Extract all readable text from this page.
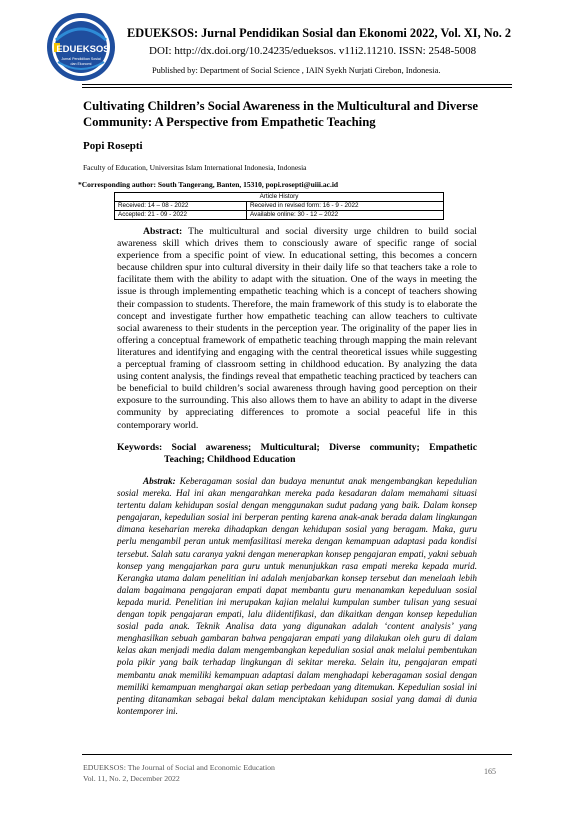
EDUEKSOS
Jurnal Pendidikan Sosial
dan Ekonomi
EDUEKSOS: Jurnal Pendidikan Sosial dan Ekonomi 2022, Vol. XI, No. 2
DOI: http://dx.doi.org/10.24235/edueksos. v11i2.11210. ISSN: 2548-5008
Published by: Department of Social Science , IAIN Syekh Nurjati Cirebon, Indonesia.
Cultivating Children’s Social Awareness in the Multicultural and Diverse Community: A Perspective from Empathetic Teaching
Popi Rosepti
Faculty of Education, Universitas Islam International Indonesia, Indonesia
*Corresponding author: South Tangerang, Banten, 15310, popi.rosepti@uiii.ac.id
Article History	
Received: 14 – 08 - 2022	Received in revised form: 16 - 9 - 2022
Accepted: 21 - 09 - 2022	Available online: 30 - 12 – 2022
Abstract: The multicultural and social diversity urge children to build social awareness skill which drives them to consciously aware of specific range of social experience from a specific point of view. In educational setting, this becomes a concern because children spur into cultural diversity in their daily life so that teachers take a role to facilitate them with the ability to adapt with the situation. One of the ways in meeting the issue is through implementing empathetic teaching which is a concept of teachers showing their compassion to students. Therefore, the main framework of this study is to elaborate the concept and investigate further how empathetic teaching can allow teachers to cultivate social awareness to their students in the perception year. The originality of the paper lies in offering a conceptual framework of empathetic teaching through mapping the main relevant literatures and identifying and engaging with the central theoretical issues while suggesting a perceptual framing of classroom setting in childhood education. By analyzing the data using content analysis, the findings reveal that empathetic teaching practiced by teachers can be beneficial to build children’s social awareness through having good perception on their exposure to the surrounding. This also allows them to have an ability to adapt in the diverse community by appreciating differences to promote a social peaceful life in this contemporary world.
Keywords: Social awareness; Multicultural; Diverse community; Empathetic
Teaching; Childhood Education
Abstrak: Keberagaman sosial dan budaya menuntut anak mengembangkan kepedulian sosial mereka. Hal ini akan mengarahkan mereka pada kesadaran dalam memahami situasi tertentu dalam kehidupan sosial dengan menggunakan sudut padang yang baik. Dalam konsep pengajaran, kepedulian sosial ini berperan penting karena anak-anak berada dalam lingkungan dimana keseharian mereka dihadapkan dengan kehidupan sosial yang beragam. Maka, guru perlu mengambil peran untuk memfasilitasi mereka dengan kemampuan adaptasi pada kondisi tersebut. Salah satu caranya yakni dengan menerapkan konsep pengajaran empati, yakni sebuah konsep yang mengajarkan para guru untuk menunjukkan rasa empati mereka kepada murid. Kerangka utama dalam penelitian ini adalah menjabarkan konsep tersebut dan menelaah lebih dalam bagaimana pengajaran empati dapat membantu guru menanamkan kepeduluan sosial kepada murid. Penelitian ini merupakan kajian melalui kumpulan sumber tulisan yang sesuai dengan topik pengajaran empati, lalu diidentifikasi, dan dikaitkan dengan konsep kepedulian sosial pada anak. Teknik Analisa data yang digunakan adalah ‘content analysis’ yang menghasilkan sebuah gambaran bahwa pengajaran empati yang dilakukan oleh guru di dalam kelas akan menjadi media dalam mengembangkan kepedulian sosial anak melalui pembentukan pola pikir yang baik terhadap lingkungan di sekitar mereka. Selain itu, pengajaran empati membantu anak memiliki kemampuan adaptasi dalam menghadapi keberagaman sosial dengan memiliki kemampuan menghargai akan setiap perbedaan yang ditemukan. Kepedulian sosial ini penting ditanamkan sebagai bekal dalam menciptakan kehidupan sosial yang damai di dunia kontemporer ini.
EDUEKSOS: The Journal of Social and Economic Education
Vol. 11, No. 2, December 2022
165
